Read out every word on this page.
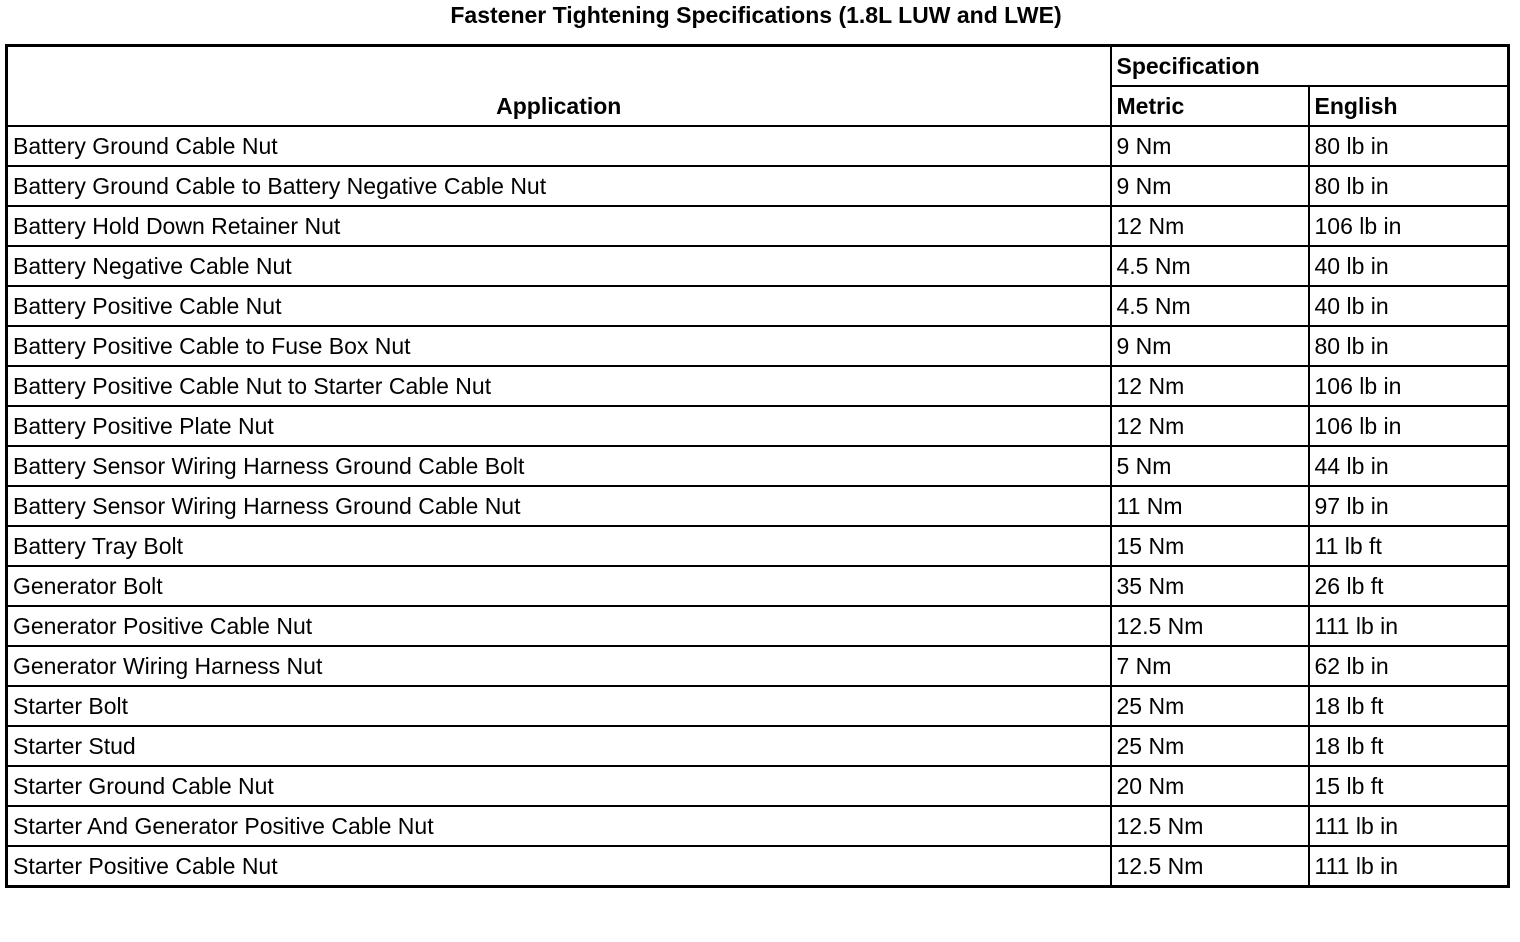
Fastener Tightening Specifications (1.8L LUW and LWE)
Application	Specification	
	Metric	English
Battery Ground Cable Nut	9 Nm	80 lb in
Battery Ground Cable to Battery Negative Cable Nut	9 Nm	80 lb in
Battery Hold Down Retainer Nut	12 Nm	106 lb in
Battery Negative Cable Nut	4.5 Nm	40 lb in
Battery Positive Cable Nut	4.5 Nm	40 lb in
Battery Positive Cable to Fuse Box Nut	9 Nm	80 lb in
Battery Positive Cable Nut to Starter Cable Nut	12 Nm	106 lb in
Battery Positive Plate Nut	12 Nm	106 lb in
Battery Sensor Wiring Harness Ground Cable Bolt	5 Nm	44 lb in
Battery Sensor Wiring Harness Ground Cable Nut	11 Nm	97 lb in
Battery Tray Bolt	15 Nm	11 lb ft
Generator Bolt	35 Nm	26 lb ft
Generator Positive Cable Nut	12.5 Nm	111 lb in
Generator Wiring Harness Nut	7 Nm	62 lb in
Starter Bolt	25 Nm	18 lb ft
Starter Stud	25 Nm	18 lb ft
Starter Ground Cable Nut	20 Nm	15 lb ft
Starter And Generator Positive Cable Nut	12.5 Nm	111 lb in
Starter Positive Cable Nut	12.5 Nm	111 lb in
